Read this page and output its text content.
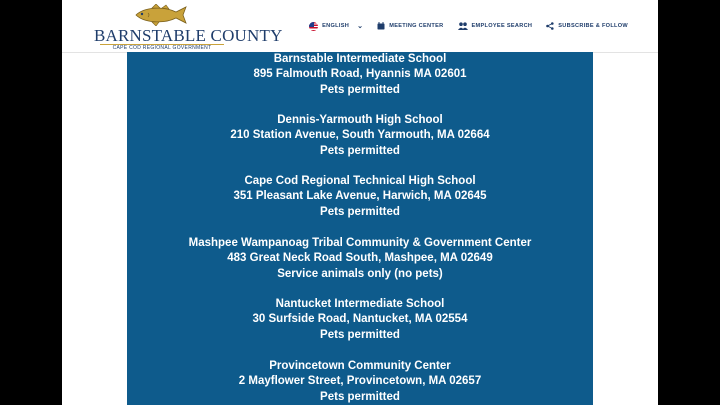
BARNSTABLE COUNTY
CAPE COD REGIONAL GOVERNMENT
ENGLISH ⌄	MEETING CENTER	EMPLOYEE SEARCH	SUBSCRIBE & FOLLOW
Barnstable Intermediate School
895 Falmouth Road, Hyannis MA 02601
Pets permitted
Dennis-Yarmouth High School
210 Station Avenue, South Yarmouth, MA 02664
Pets permitted
Cape Cod Regional Technical High School
351 Pleasant Lake Avenue, Harwich, MA 02645
Pets permitted
Mashpee Wampanoag Tribal Community & Government Center
483 Great Neck Road South, Mashpee, MA 02649
Service animals only (no pets)
Nantucket Intermediate School
30 Surfside Road, Nantucket, MA 02554
Pets permitted
Provincetown Community Center
2 Mayflower Street, Provincetown, MA 02657
Pets permitted
